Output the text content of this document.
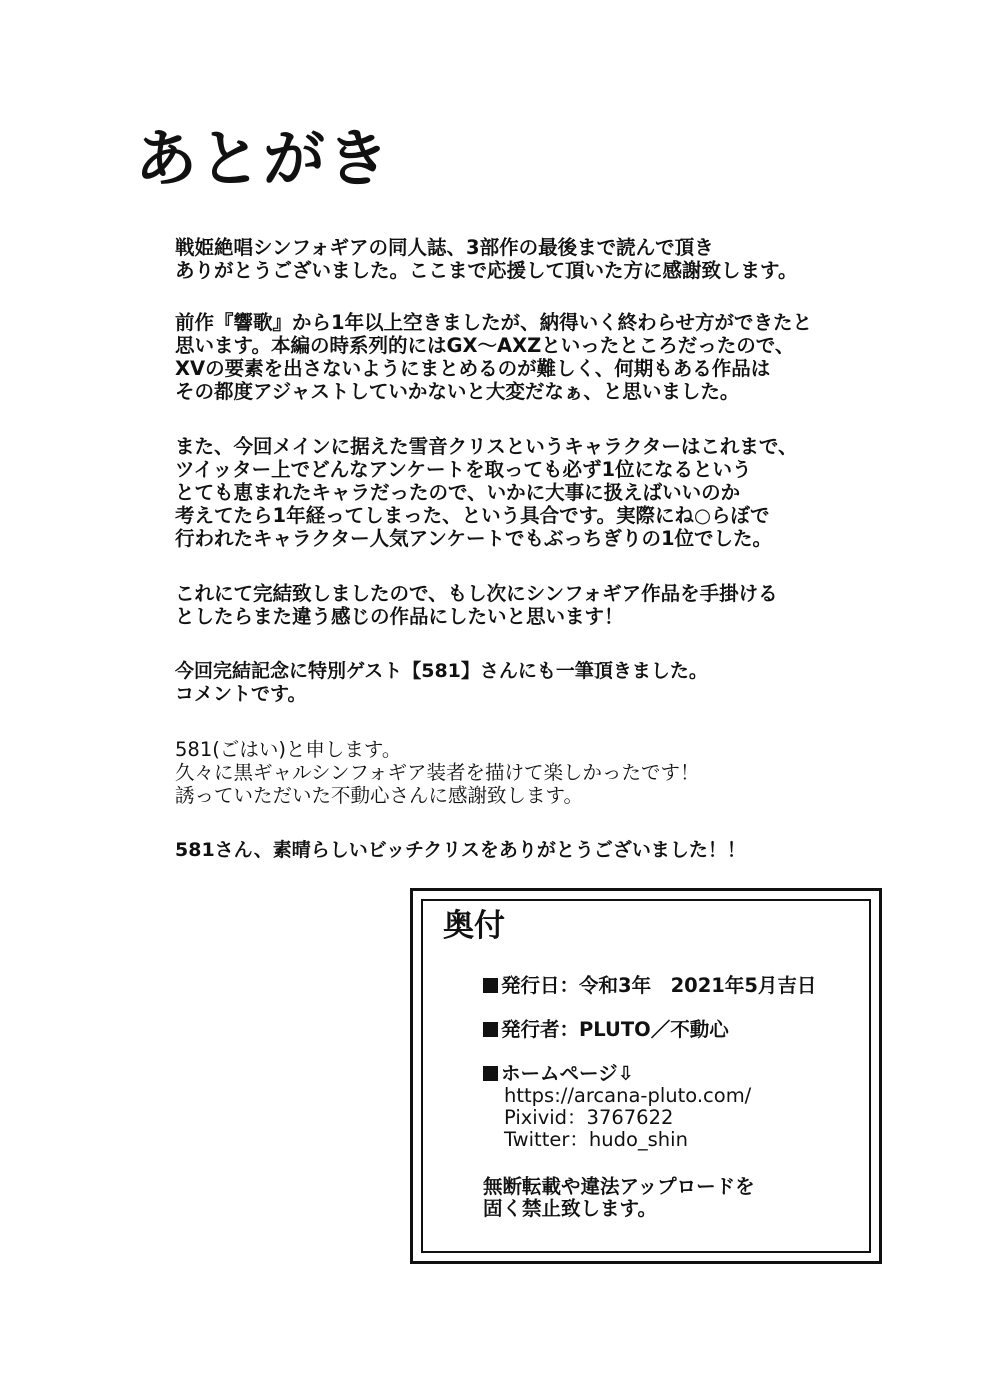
あとがき

戦姫絶唱シンフォギアの同人誌、3部作の最後まで読んで頂き
ありがとうございました。ここまで応援して頂いた方に感謝致します。

前作『響歌』から1年以上空きましたが、納得いく終わらせ方ができたと
思います。本編の時系列的にはGX～AXZといったところだったので、
XVの要素を出さないようにまとめるのが難しく、何期もある作品は
その都度アジャストしていかないと大変だなぁ、と思いました。

また、今回メインに据えた雪音クリスというキャラクターはこれまで、
ツイッター上でどんなアンケートを取っても必ず1位になるという
とても恵まれたキャラだったので、いかに大事に扱えばいいのか
考えてたら1年経ってしまった、という具合です。実際にね○らぼで
行われたキャラクター人気アンケートでもぶっちぎりの1位でした。

これにて完結致しましたので、もし次にシンフォギア作品を手掛ける
としたらまた違う感じの作品にしたいと思います！

今回完結記念に特別ゲスト【581】さんにも一筆頂きました。
コメントです。

581(ごはい)と申します。
久々に黒ギャルシンフォギア装者を描けて楽しかったです！
誘っていただいた不動心さんに感謝致します。

581さん、素晴らしいビッチクリスをありがとうございました！！

奥付
発行日：令和3年　2021年5月吉日
発行者：PLUTO／不動心
ホームページ⇩
https://arcana-pluto.com/
Pixivid：3767622
Twitter：hudo_shin
無断転載や違法アップロードを
固く禁止致します。
